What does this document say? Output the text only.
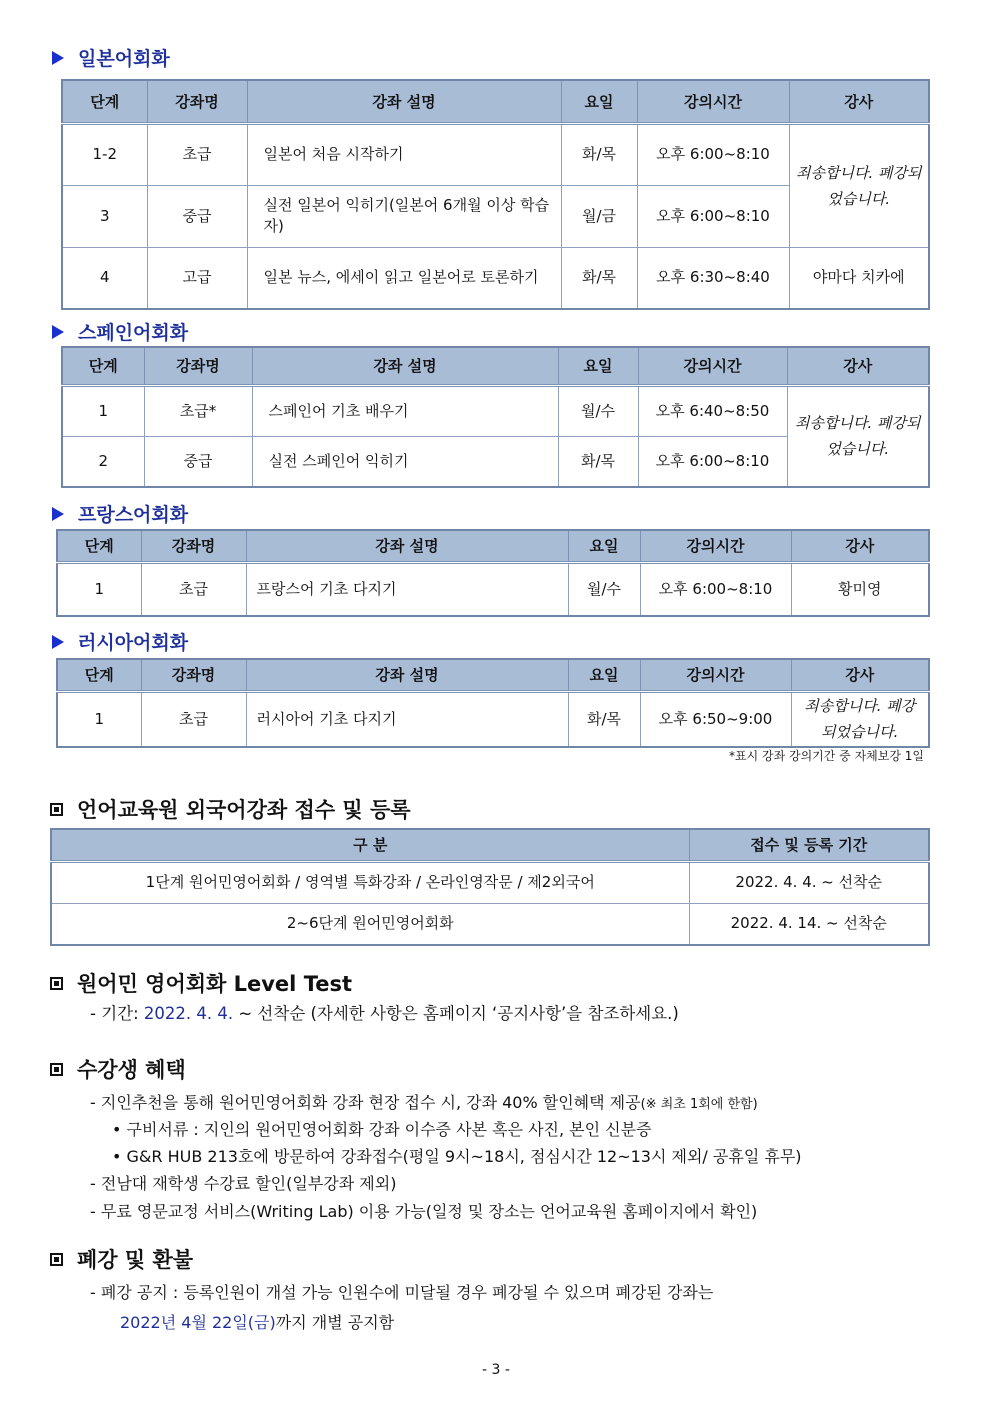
일본어회화
단계	강좌명	강좌 설명	요일	강의시간	강사
1-2	초급	일본어 처음 시작하기	화/목	오후 6:00~8:10	죄송합니다. 폐강되었습니다.
3	중급	실전 일본어 익히기(일본어 6개월 이상 학습자)	월/금	오후 6:00~8:10	
4	고급	일본 뉴스, 에세이 읽고 일본어로 토론하기	화/목	오후 6:30~8:40	야마다 치카에
스페인어회화
단계	강좌명	강좌 설명	요일	강의시간	강사
1	초급*	스페인어 기초 배우기	월/수	오후 6:40~8:50	죄송합니다. 폐강되었습니다.
2	중급	실전 스페인어 익히기	화/목	오후 6:00~8:10	
프랑스어회화
단계	강좌명	강좌 설명	요일	강의시간	강사
1	초급	프랑스어 기초 다지기	월/수	오후 6:00~8:10	황미영
러시아어회화
단계	강좌명	강좌 설명	요일	강의시간	강사
1	초급	러시아어 기초 다지기	화/목	오후 6:50~9:00	죄송합니다. 폐강되었습니다.
*표시 강좌 강의기간 중 자체보강 1일
언어교육원 외국어강좌 접수 및 등록
구 분	접수 및 등록 기간
1단계 원어민영어회화 / 영역별 특화강좌 / 온라인영작문 / 제2외국어	2022. 4. 4. ~ 선착순
2~6단계 원어민영어회화	2022. 4. 14. ~ 선착순
원어민 영어회화 Level Test
- 기간: 2022. 4. 4. ~ 선착순 (자세한 사항은 홈페이지 ‘공지사항’을 참조하세요.)
수강생 혜택
- 지인추천을 통해 원어민영어회화 강좌 현장 접수 시, 강좌 40% 할인혜택 제공(※ 최초 1회에 한함)
• 구비서류 : 지인의 원어민영어회화 강좌 이수증 사본 혹은 사진, 본인 신분증
• G&R HUB 213호에 방문하여 강좌접수(평일 9시~18시, 점심시간 12~13시 제외/ 공휴일 휴무)
- 전남대 재학생 수강료 할인(일부강좌 제외)
- 무료 영문교정 서비스(Writing Lab) 이용 가능(일정 및 장소는 언어교육원 홈페이지에서 확인)
폐강 및 환불
- 폐강 공지 : 등록인원이 개설 가능 인원수에 미달될 경우 폐강될 수 있으며 폐강된 강좌는
2022년 4월 22일(금)까지 개별 공지함
- 3 -
